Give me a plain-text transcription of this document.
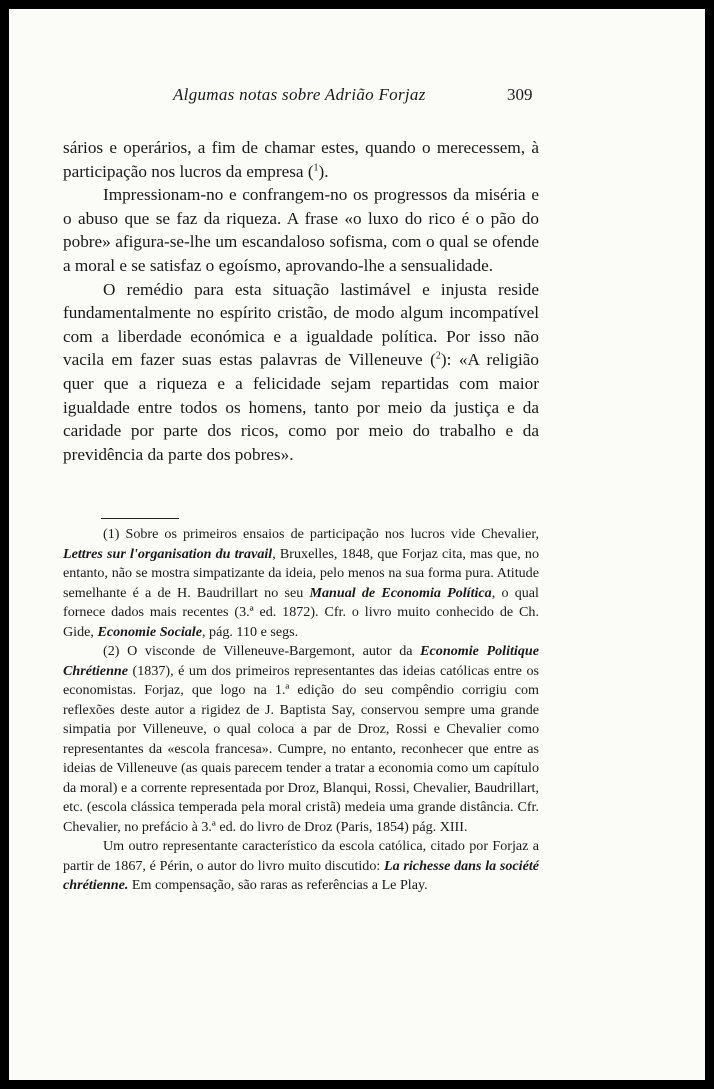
Algumas notas sobre Adrião Forjaz	309

sários e operários, a fim de chamar estes, quando o merecessem, à participação nos lucros da empresa ($^1$).

Impressionam-no e confrangem-no os progressos da miséria e o abuso que se faz da riqueza. A frase «o luxo do rico é o pão do pobre» afigura-se-lhe um escandaloso sofisma, com o qual se ofende a moral e se satisfaz o egoísmo, aprovando-lhe a sensualidade.

O remédio para esta situação lastimável e injusta reside fundamentalmente no espírito cristão, de modo algum incompatível com a liberdade económica e a igualdade política. Por isso não vacila em fazer suas estas palavras de Villeneuve ($^2$): «A religião quer que a riqueza e a felicidade sejam repartidas com maior igualdade entre todos os homens, tanto por meio da justiça e da caridade por parte dos ricos, como por meio do trabalho e da previdência da parte dos pobres».

(1) Sobre os primeiros ensaios de participação nos lucros vide Chevalier, Lettres sur l'organisation du travail, Bruxelles, 1848, que Forjaz cita, mas que, no entanto, não se mostra simpatizante da ideia, pelo menos na sua forma pura. Atitude semelhante é a de H. Baudrillart no seu Manual de Economia Política, o qual fornece dados mais recentes (3.ª ed. 1872). Cfr. o livro muito conhecido de Ch. Gide, Economie Sociale, pág. 110 e segs.

(2) O visconde de Villeneuve-Bargemont, autor da Economie Politique Chrétienne (1837), é um dos primeiros representantes das ideias católicas entre os economistas. Forjaz, que logo na 1.ª edição do seu compêndio corrigiu com reflexões deste autor a rigidez de J. Baptista Say, conservou sempre uma grande simpatia por Villeneuve, o qual coloca a par de Droz, Rossi e Chevalier como representantes da «escola francesa». Cumpre, no entanto, reconhecer que entre as ideias de Villeneuve (as quais parecem tender a tratar a economia como um capítulo da moral) e a corrente representada por Droz, Blanqui, Rossi, Chevalier, Baudrillart, etc. (escola clássica temperada pela moral cristã) medeia uma grande distância. Cfr. Chevalier, no prefácio à 3.ª ed. do livro de Droz (Paris, 1854) pág. XIII.

Um outro representante característico da escola católica, citado por Forjaz a partir de 1867, é Périn, o autor do livro muito discutido: La richesse dans la société chrétienne. Em compensação, são raras as referências a Le Play.
